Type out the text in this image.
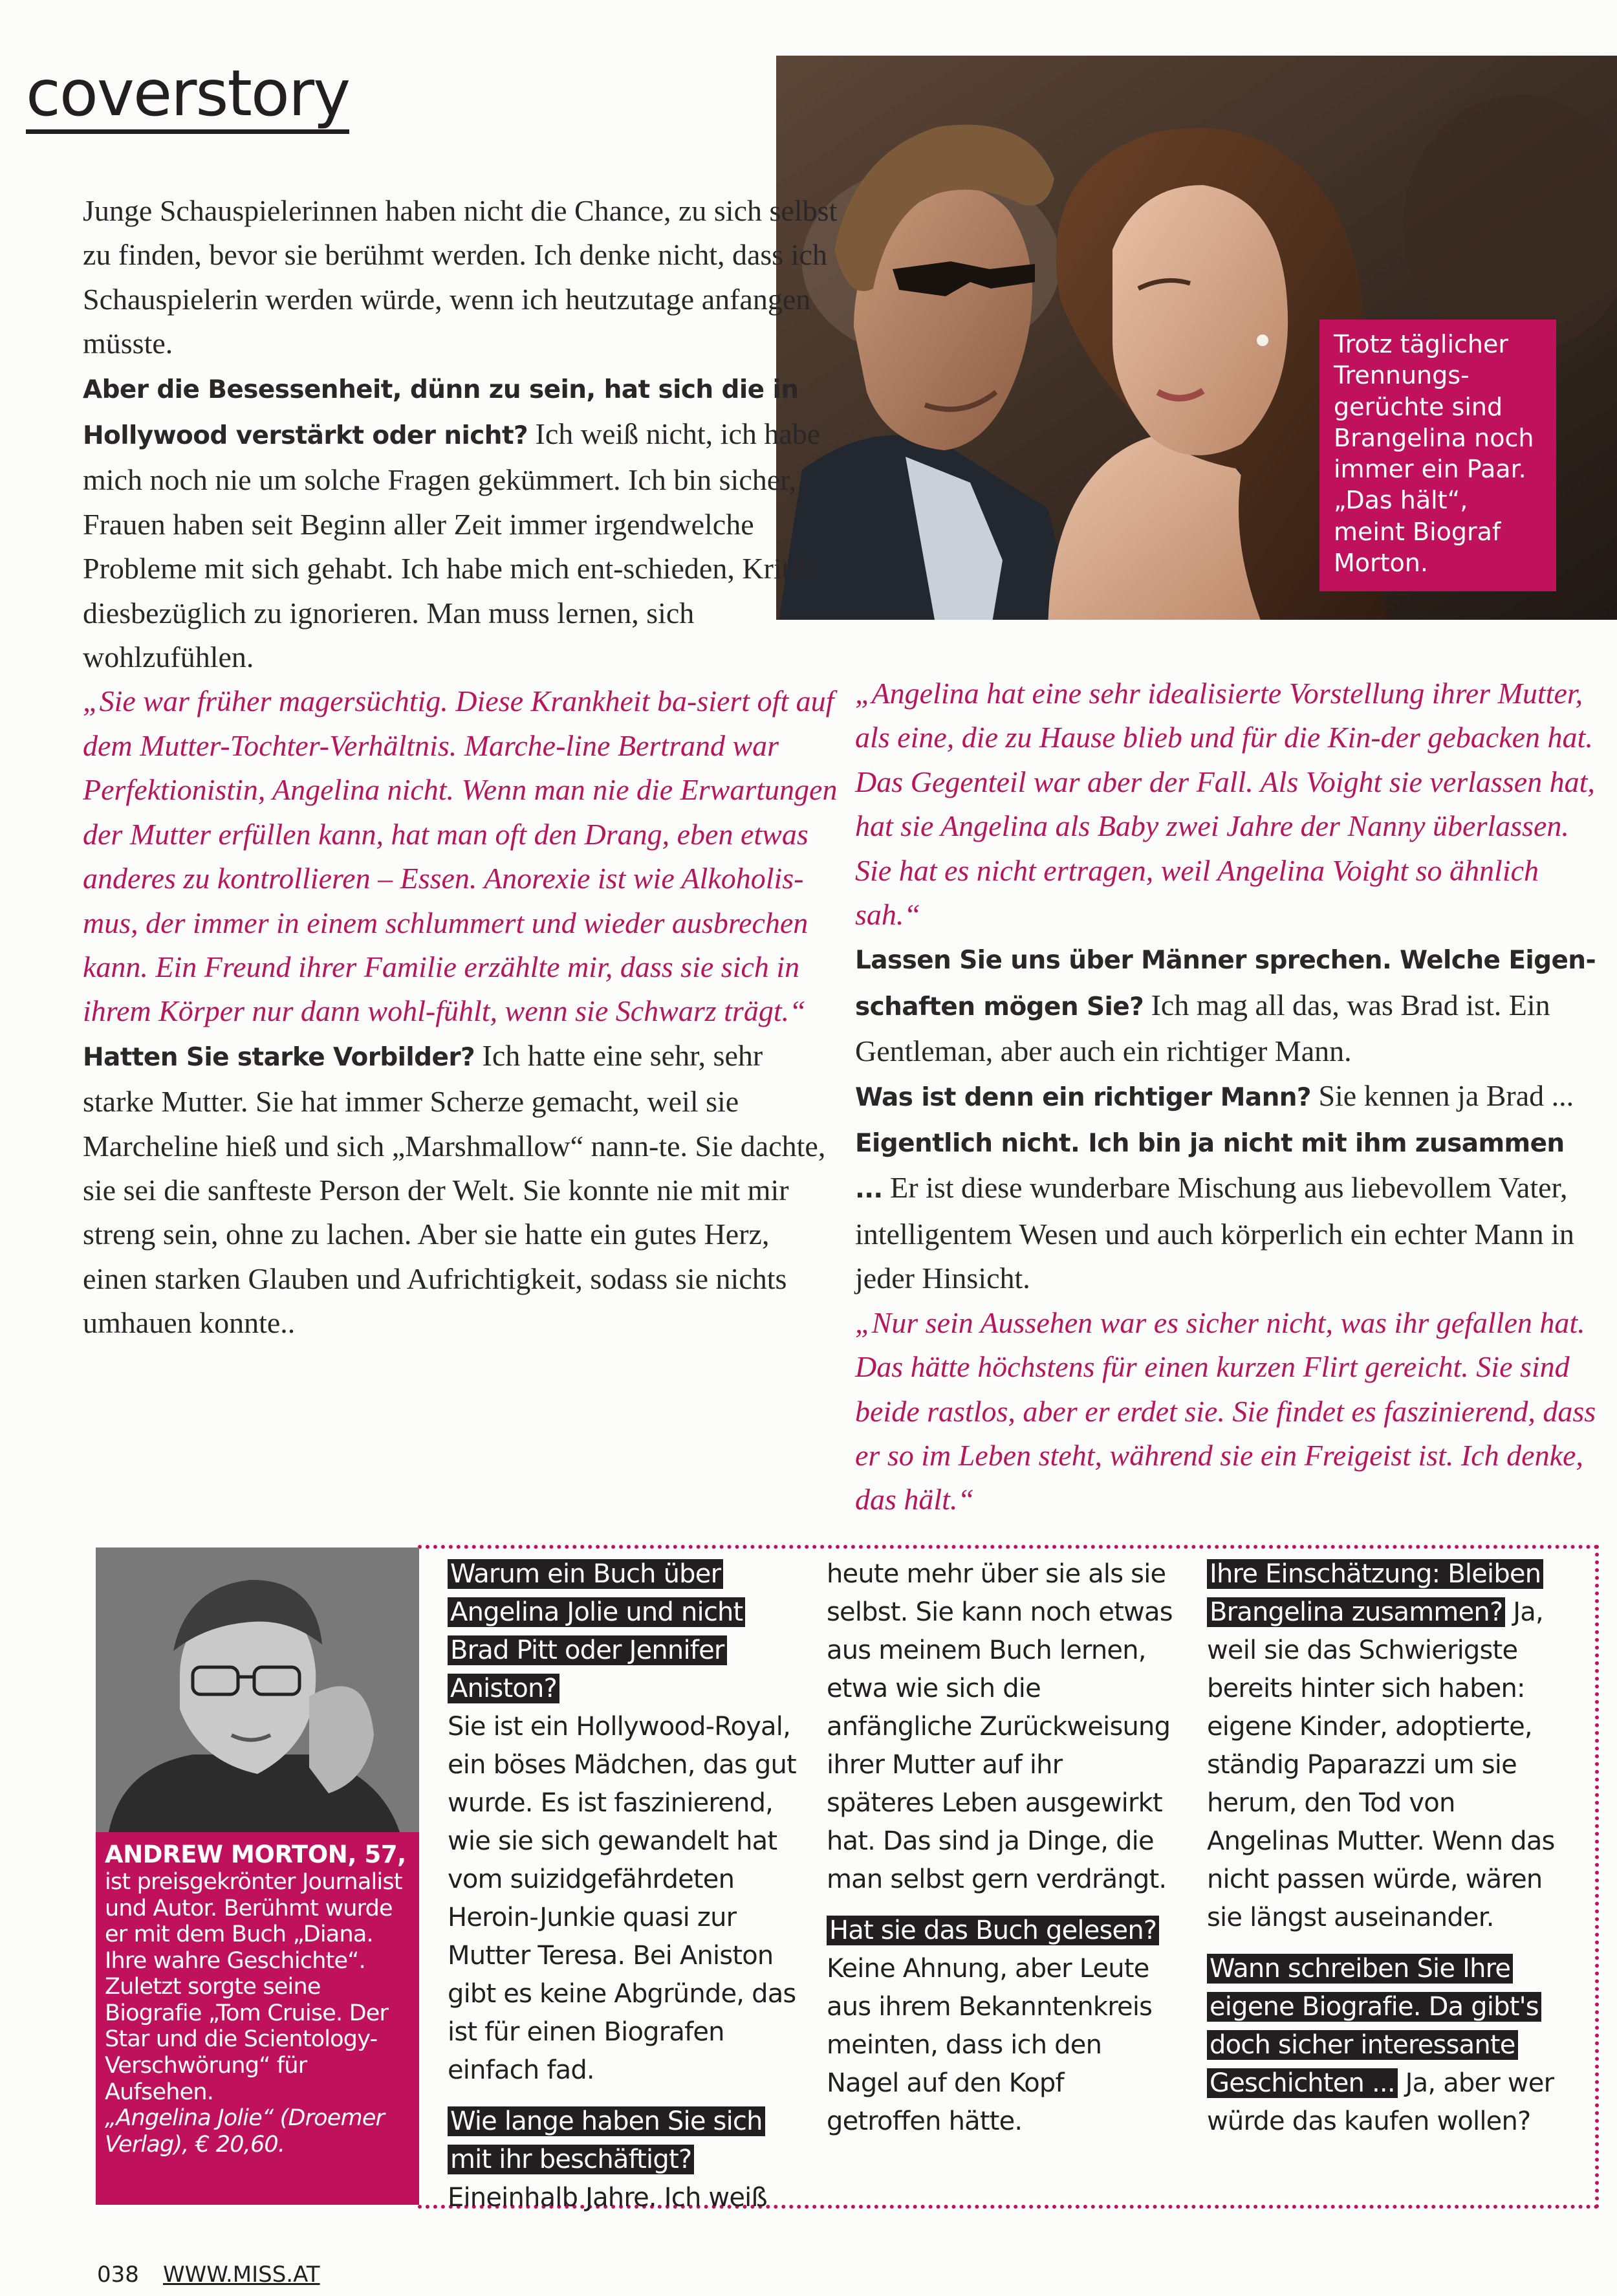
coverstory
Trotz täglicher Trennungs-gerüchte sind Brangelina noch immer ein Paar. „Das hält“, meint Biograf Morton.

Junge Schauspielerinnen haben nicht die Chance, zu sich selbst zu finden, bevor sie berühmt werden. Ich denke nicht, dass ich Schauspielerin werden würde, wenn ich heutzutage anfangen müsste.

Aber die Besessenheit, dünn zu sein, hat sich die in Hollywood verstärkt oder nicht? Ich weiß nicht, ich habe mich noch nie um solche Fragen gekümmert. Ich bin sicher, Frauen haben seit Beginn aller Zeit immer irgendwelche Probleme mit sich gehabt. Ich habe mich ent-schieden, Kritik diesbezüglich zu ignorieren. Man muss lernen, sich wohlzufühlen.

„Sie war früher magersüchtig. Diese Krankheit ba-siert oft auf dem Mutter-Tochter-Verhältnis. Marche-line Bertrand war Perfektionistin, Angelina nicht. Wenn man nie die Erwartungen der Mutter erfüllen kann, hat man oft den Drang, eben etwas anderes zu kontrollieren – Essen. Anorexie ist wie Alkoholis-mus, der immer in einem schlummert und wieder ausbrechen kann. Ein Freund ihrer Familie erzählte mir, dass sie sich in ihrem Körper nur dann wohl-fühlt, wenn sie Schwarz trägt.“

Hatten Sie starke Vorbilder? Ich hatte eine sehr, sehr starke Mutter. Sie hat immer Scherze gemacht, weil sie Marcheline hieß und sich „Marshmallow“ nann-te. Sie dachte, sie sei die sanfteste Person der Welt. Sie konnte nie mit mir streng sein, ohne zu lachen. Aber sie hatte ein gutes Herz, einen starken Glauben und Aufrichtigkeit, sodass sie nichts umhauen konnte..

„Angelina hat eine sehr idealisierte Vorstellung ihrer Mutter, als eine, die zu Hause blieb und für die Kin-der gebacken hat. Das Gegenteil war aber der Fall. Als Voight sie verlassen hat, hat sie Angelina als Baby zwei Jahre der Nanny überlassen. Sie hat es nicht ertragen, weil Angelina Voight so ähnlich sah.“

Lassen Sie uns über Männer sprechen. Welche Eigen-schaften mögen Sie? Ich mag all das, was Brad ist. Ein Gentleman, aber auch ein richtiger Mann.

Was ist denn ein richtiger Mann? Sie kennen ja Brad ...

Eigentlich nicht. Ich bin ja nicht mit ihm zusammen ... Er ist diese wunderbare Mischung aus liebevollem Vater, intelligentem Wesen und auch körperlich ein echter Mann in jeder Hinsicht.

„Nur sein Aussehen war es sicher nicht, was ihr gefallen hat. Das hätte höchstens für einen kurzen Flirt gereicht. Sie sind beide rastlos, aber er erdet sie. Sie findet es faszinierend, dass er so im Leben steht, während sie ein Freigeist ist. Ich denke, das hält.“

ANDREW MORTON, 57,
ist preisgekrönter Journalist und Autor. Berühmt wurde er mit dem Buch „Diana. Ihre wahre Geschichte“. Zuletzt sorgte seine Biografie „Tom Cruise. Der Star und die Scientology-Verschwörung“ für Aufsehen.
„Angelina Jolie“ (Droemer Verlag), € 20,60.

Warum ein Buch über Angelina Jolie und nicht Brad Pitt oder Jennifer Aniston?
Sie ist ein Hollywood-Royal, ein böses Mädchen, das gut wurde. Es ist faszinierend, wie sie sich gewandelt hat vom suizidgefährdeten Heroin-Junkie quasi zur Mutter Teresa. Bei Aniston gibt es keine Abgründe, das ist für einen Biografen einfach fad.

Wie lange haben Sie sich mit ihr beschäftigt? Eineinhalb Jahre. Ich weiß

heute mehr über sie als sie selbst. Sie kann noch etwas aus meinem Buch lernen, etwa wie sich die anfängliche Zurückweisung ihrer Mutter auf ihr späteres Leben ausgewirkt hat. Das sind ja Dinge, die man selbst gern verdrängt.

Hat sie das Buch gelesen? Keine Ahnung, aber Leute aus ihrem Bekanntenkreis meinten, dass ich den Nagel auf den Kopf getroffen hätte.

Ihre Einschätzung: Bleiben Brangelina zusammen? Ja, weil sie das Schwierigste bereits hinter sich haben: eigene Kinder, adoptierte, ständig Paparazzi um sie herum, den Tod von Angelinas Mutter. Wenn das nicht passen würde, wären sie längst auseinander.

Wann schreiben Sie Ihre eigene Biografie. Da gibt's doch sicher interessante Geschichten ... Ja, aber wer würde das kaufen wollen?

038 WWW.MISS.AT
